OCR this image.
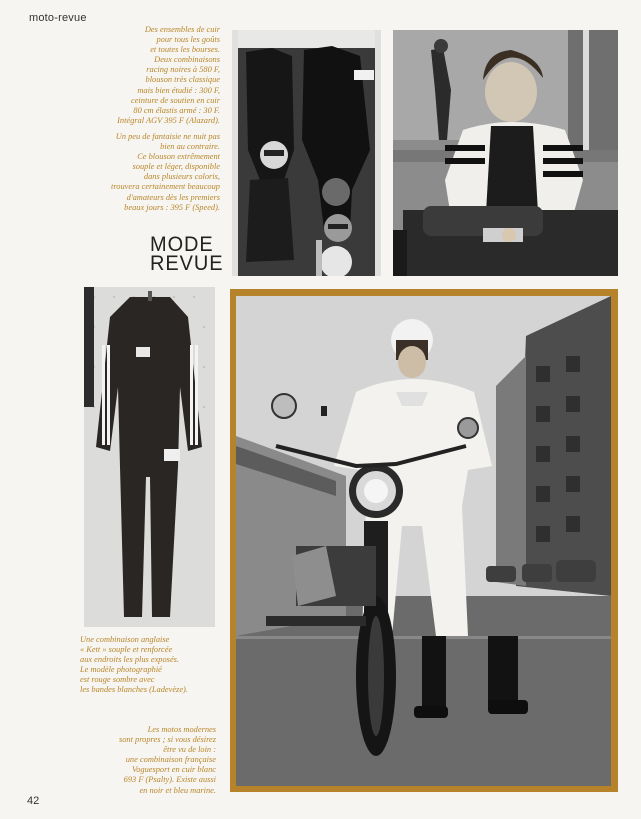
moto-revue

Des ensembles de cuir
pour tous les goûts
et toutes les bourses.
Deux combinaisons
racing noires à 580 F,
blouson très classique
mais bien étudié : 300 F,
ceinture de soutien en cuir
80 cm élastis armé : 30 F.
Intégral AGV 395 F (Alazard).

Un peu de fantaisie ne nuit pas
bien au contraire.
Ce blouson extrêmement
souple et léger, disponible
dans plusieurs coloris,
trouvera certainement beaucoup
d'amateurs dès les premiers
beaux jours : 395 F (Speed).

MODE
REVUE
Une combinaison anglaise
« Kett » souple et renforcée
aux endroits les plus exposés.
Le modèle photographié
est rouge sombre avec
les bandes blanches (Ladevèze).
Les motos modernes
sont propres ; si vous désirez
être vu de loin :
une combinaison française
Voguesport en cuir blanc
693 F (Psalty). Existe aussi
en noir et bleu marine.
42
